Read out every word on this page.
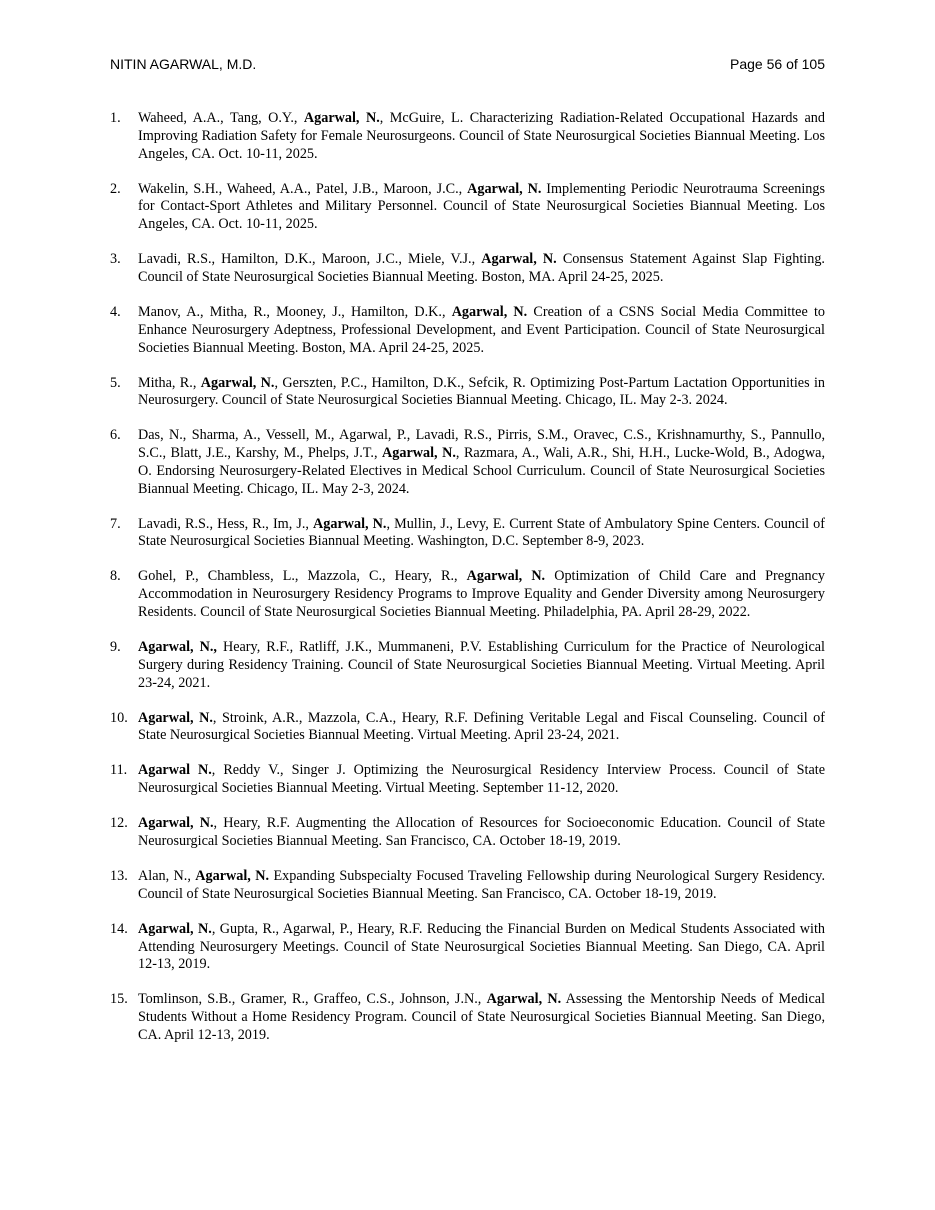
NITIN AGARWAL, M.D.	Page 56 of 105
1. Waheed, A.A., Tang, O.Y., Agarwal, N., McGuire, L. Characterizing Radiation-Related Occupational Hazards and Improving Radiation Safety for Female Neurosurgeons. Council of State Neurosurgical Societies Biannual Meeting. Los Angeles, CA. Oct. 10-11, 2025.
2. Wakelin, S.H., Waheed, A.A., Patel, J.B., Maroon, J.C., Agarwal, N. Implementing Periodic Neurotrauma Screenings for Contact-Sport Athletes and Military Personnel. Council of State Neurosurgical Societies Biannual Meeting. Los Angeles, CA. Oct. 10-11, 2025.
3. Lavadi, R.S., Hamilton, D.K., Maroon, J.C., Miele, V.J., Agarwal, N. Consensus Statement Against Slap Fighting. Council of State Neurosurgical Societies Biannual Meeting. Boston, MA. April 24-25, 2025.
4. Manov, A., Mitha, R., Mooney, J., Hamilton, D.K., Agarwal, N. Creation of a CSNS Social Media Committee to Enhance Neurosurgery Adeptness, Professional Development, and Event Participation. Council of State Neurosurgical Societies Biannual Meeting. Boston, MA. April 24-25, 2025.
5. Mitha, R., Agarwal, N., Gerszten, P.C., Hamilton, D.K., Sefcik, R. Optimizing Post-Partum Lactation Opportunities in Neurosurgery. Council of State Neurosurgical Societies Biannual Meeting. Chicago, IL. May 2-3. 2024.
6. Das, N., Sharma, A., Vessell, M., Agarwal, P., Lavadi, R.S., Pirris, S.M., Oravec, C.S., Krishnamurthy, S., Pannullo, S.C., Blatt, J.E., Karshy, M., Phelps, J.T., Agarwal, N., Razmara, A., Wali, A.R., Shi, H.H., Lucke-Wold, B., Adogwa, O. Endorsing Neurosurgery-Related Electives in Medical School Curriculum. Council of State Neurosurgical Societies Biannual Meeting. Chicago, IL. May 2-3, 2024.
7. Lavadi, R.S., Hess, R., Im, J., Agarwal, N., Mullin, J., Levy, E. Current State of Ambulatory Spine Centers. Council of State Neurosurgical Societies Biannual Meeting. Washington, D.C. September 8-9, 2023.
8. Gohel, P., Chambless, L., Mazzola, C., Heary, R., Agarwal, N. Optimization of Child Care and Pregnancy Accommodation in Neurosurgery Residency Programs to Improve Equality and Gender Diversity among Neurosurgery Residents. Council of State Neurosurgical Societies Biannual Meeting. Philadelphia, PA. April 28-29, 2022.
9. Agarwal, N., Heary, R.F., Ratliff, J.K., Mummaneni, P.V. Establishing Curriculum for the Practice of Neurological Surgery during Residency Training. Council of State Neurosurgical Societies Biannual Meeting. Virtual Meeting. April 23-24, 2021.
10. Agarwal, N., Stroink, A.R., Mazzola, C.A., Heary, R.F. Defining Veritable Legal and Fiscal Counseling. Council of State Neurosurgical Societies Biannual Meeting. Virtual Meeting. April 23-24, 2021.
11. Agarwal N., Reddy V., Singer J. Optimizing the Neurosurgical Residency Interview Process. Council of State Neurosurgical Societies Biannual Meeting. Virtual Meeting. September 11-12, 2020.
12. Agarwal, N., Heary, R.F. Augmenting the Allocation of Resources for Socioeconomic Education. Council of State Neurosurgical Societies Biannual Meeting. San Francisco, CA. October 18-19, 2019.
13. Alan, N., Agarwal, N. Expanding Subspecialty Focused Traveling Fellowship during Neurological Surgery Residency. Council of State Neurosurgical Societies Biannual Meeting. San Francisco, CA. October 18-19, 2019.
14. Agarwal, N., Gupta, R., Agarwal, P., Heary, R.F. Reducing the Financial Burden on Medical Students Associated with Attending Neurosurgery Meetings. Council of State Neurosurgical Societies Biannual Meeting. San Diego, CA. April 12-13, 2019.
15. Tomlinson, S.B., Gramer, R., Graffeo, C.S., Johnson, J.N., Agarwal, N. Assessing the Mentorship Needs of Medical Students Without a Home Residency Program. Council of State Neurosurgical Societies Biannual Meeting. San Diego, CA. April 12-13, 2019.
